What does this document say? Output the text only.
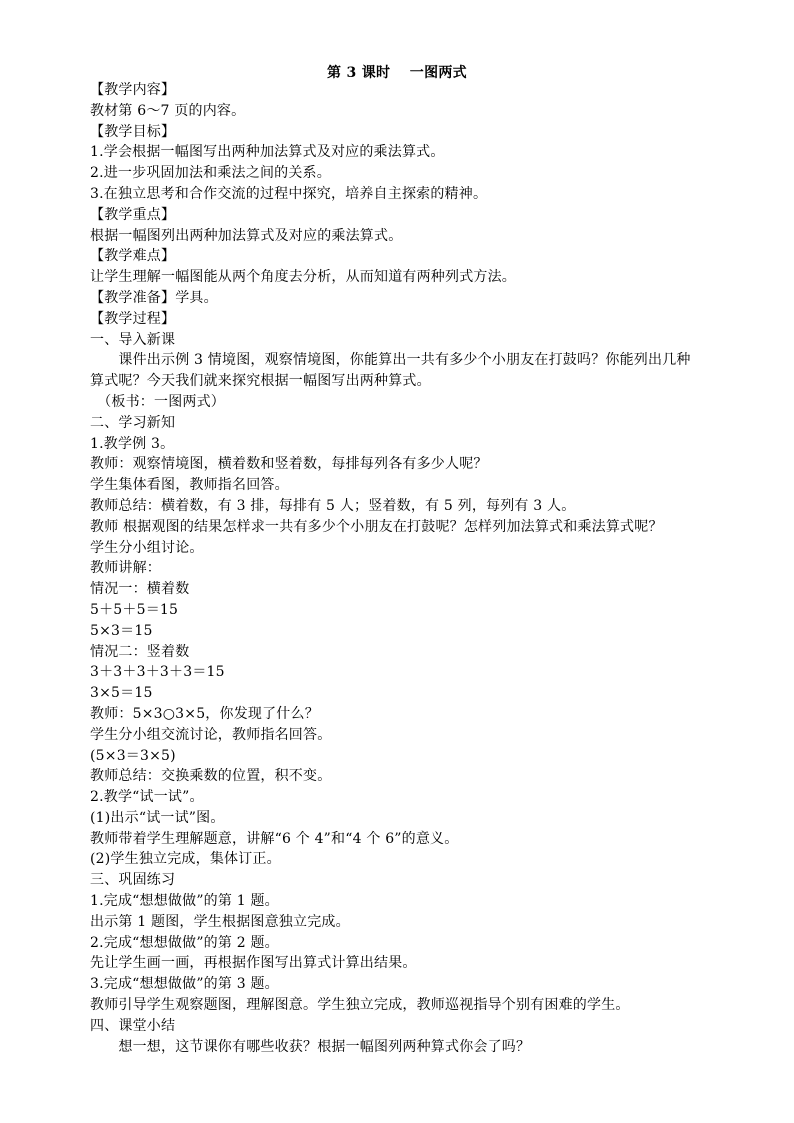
第 3 课时　 一图两式
【教学内容】
教材第 6～7 页的内容。
【教学目标】
1.学会根据一幅图写出两种加法算式及对应的乘法算式。
2.进一步巩固加法和乘法之间的关系。
3.在独立思考和合作交流的过程中探究，培养自主探索的精神。
【教学重点】
根据一幅图列出两种加法算式及对应的乘法算式。
【教学难点】
让学生理解一幅图能从两个角度去分析，从而知道有两种列式方法。
【教学准备】学具。
【教学过程】
一、导入新课
　　课件出示例 3 情境图，观察情境图，你能算出一共有多少个小朋友在打鼓吗？你能列出几种
算式呢？今天我们就来探究根据一幅图写出两种算式。
　（板书：一图两式）
二、学习新知
1.教学例 3。
教师：观察情境图，横着数和竖着数，每排每列各有多少人呢？
学生集体看图，教师指名回答。
教师总结：横着数，有 3 排，每排有 5 人；竖着数，有 5 列，每列有 3 人。
教师 根据观图的结果怎样求一共有多少个小朋友在打鼓呢？怎样列加法算式和乘法算式呢？
学生分小组讨论。
教师讲解：
情况一：横着数
5＋5＋5＝15
5×3＝15
情况二：竖着数
3＋3＋3＋3＋3＝15
3×5＝15
教师：5×3○3×5，你发现了什么？
学生分小组交流讨论，教师指名回答。
(5×3＝3×5)
教师总结：交换乘数的位置，积不变。
2.教学“试一试”。
(1)出示“试一试”图。
教师带着学生理解题意，讲解“6 个 4”和“4 个 6”的意义。
(2)学生独立完成，集体订正。
三、巩固练习
1.完成“想想做做”的第 1 题。
出示第 1 题图，学生根据图意独立完成。
2.完成“想想做做”的第 2 题。
先让学生画一画，再根据作图写出算式计算出结果。
3.完成“想想做做”的第 3 题。
教师引导学生观察题图，理解图意。学生独立完成，教师巡视指导个别有困难的学生。
四、课堂小结
　　想一想，这节课你有哪些收获？根据一幅图列两种算式你会了吗？
